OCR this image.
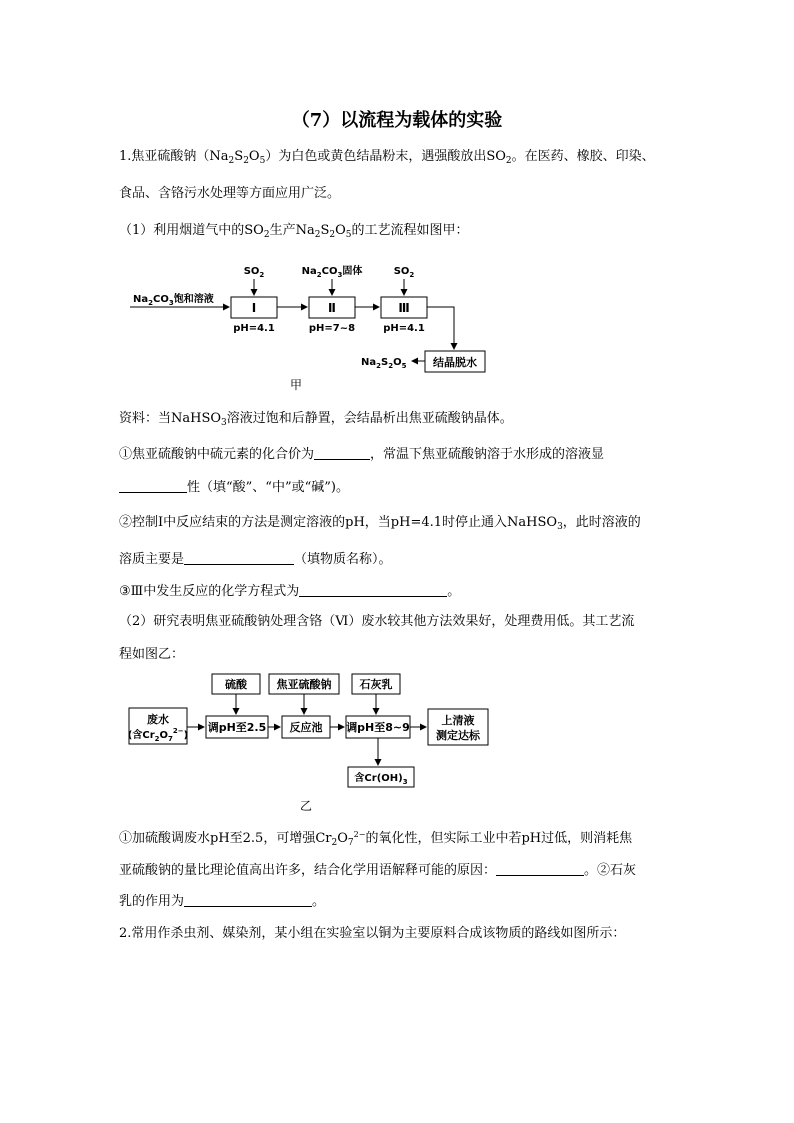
（7）以流程为载体的实验
1.焦亚硫酸钠$(Na_2S_2O_5)$为白色或黄色结晶粉末，遇强酸放出$SO_2$。在医药、橡胶、印染、
食品、含铬污水处理等方面应用广泛。
（1）利用烟道气中的$SO_2$生产$Na_2S_2O_5$的工艺流程如图甲：
$Na_2CO_3$饱和溶液
Ⅰ	Ⅱ	Ⅲ
$SO_2$	$Na_2CO_3$固体	$SO_2$
pH=4.1	pH=7~8	pH=4.1
结晶脱水
$Na_2S_2O_5$
甲
资料：当NaHSO$_3$溶液过饱和后静置，会结晶析出焦亚硫酸钠晶体。
①焦亚硫酸钠中硫元素的化合价为	，常温下焦亚硫酸钠溶于水形成的溶液显
性（填“酸”、“中”或“碱”)。
②控制Ⅰ中反应结束的方法是测定溶液的pH，当pH=4.1时停止通入NaHSO$_3$，此时溶液的
溶质主要是	（填物质名称）。
③Ⅲ中发生反应的化学方程式为	。
（2）研究表明焦亚硫酸钠处理含铬（Ⅵ）废水较其他方法效果好，处理费用低。其工艺流
程如图乙：
硫酸	焦亚硫酸钠	石灰乳
废水
(含$Cr_2O_7^{2-}$)
调pH至2.5 反应池 调pH至8~9
上清液
测定达标
含$Cr(OH)_3$
乙
①加硫酸调废水pH至2.5，可增强$Cr_2O_7^{2-}$的氧化性，但实际工业中若pH过低，则消耗焦
亚硫酸钠的量比理论值高出许多，结合化学用语解释可能的原因：	。②石灰
乳的作用为	。
2.常用作杀虫剂、媒染剂，某小组在实验室以铜为主要原料合成该物质的路线如图所示：
